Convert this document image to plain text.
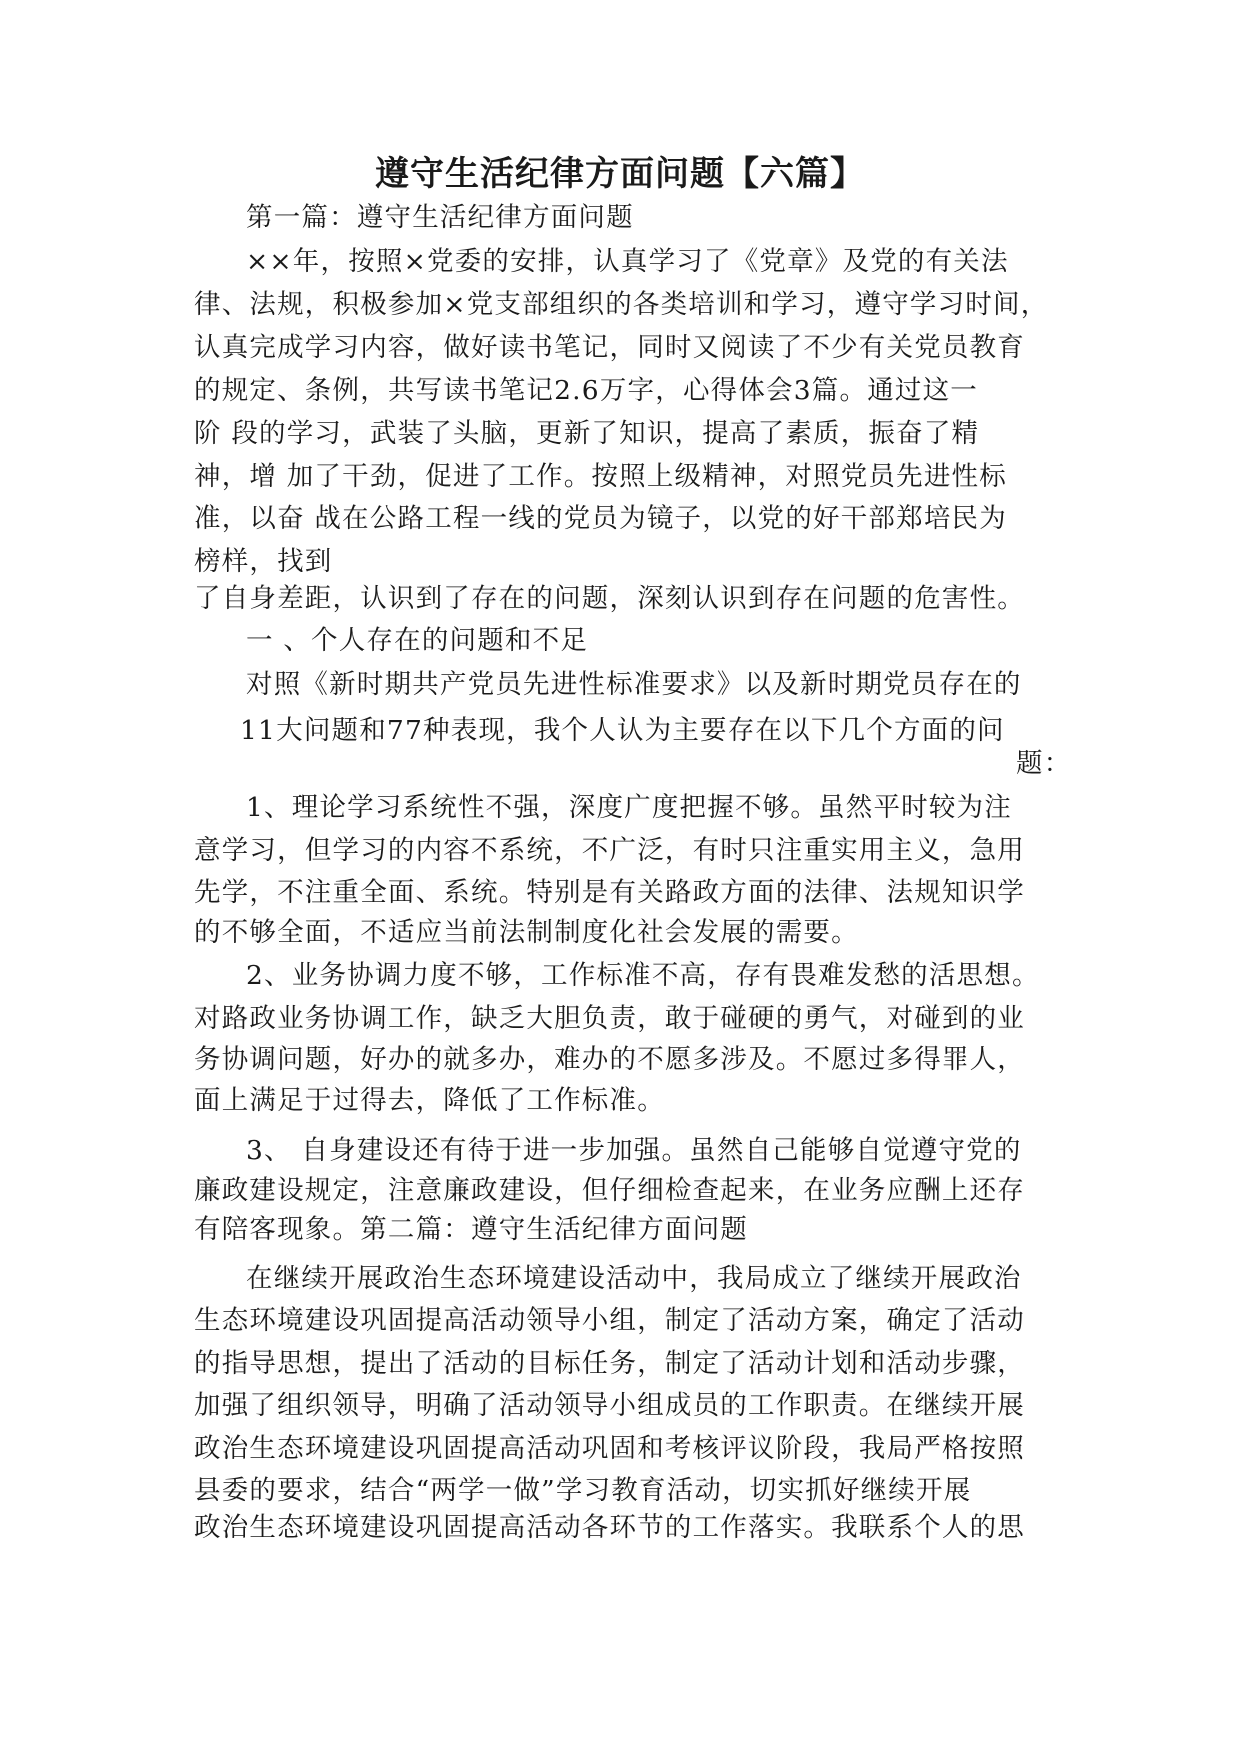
遵守生活纪律方面问题【六篇】
第一篇：遵守生活纪律方面问题
××年，按照×党委的安排，认真学习了《党章》及党的有关法
律、法规，积极参加×党支部组织的各类培训和学习，遵守学习时间，
认真完成学习内容，做好读书笔记，同时又阅读了不少有关党员教育
的规定、条例，共写读书笔记2.6万字，心得体会3篇。通过这一
阶 段的学习，武装了头脑，更新了知识，提高了素质，振奋了精
神，增 加了干劲，促进了工作。按照上级精神，对照党员先进性标
准，以奋 战在公路工程一线的党员为镜子，以党的好干部郑培民为
榜样，找到
了自身差距，认识到了存在的问题，深刻认识到存在问题的危害性。
一 、个人存在的问题和不足
对照《新时期共产党员先进性标准要求》以及新时期党员存在的
11大问题和77种表现，我个人认为主要存在以下几个方面的问
题：
1、理论学习系统性不强，深度广度把握不够。虽然平时较为注
意学习，但学习的内容不系统，不广泛，有时只注重实用主义，急用
先学，不注重全面、系统。特别是有关路政方面的法律、法规知识学
的不够全面，不适应当前法制制度化社会发展的需要。
2、业务协调力度不够，工作标准不高，存有畏难发愁的活思想。
对路政业务协调工作，缺乏大胆负责，敢于碰硬的勇气，对碰到的业
务协调问题，好办的就多办，难办的不愿多涉及。不愿过多得罪人，
面上满足于过得去，降低了工作标准。
3、 自身建设还有待于进一步加强。虽然自己能够自觉遵守党的
廉政建设规定，注意廉政建设，但仔细检查起来，在业务应酬上还存
有陪客现象。第二篇：遵守生活纪律方面问题
在继续开展政治生态环境建设活动中，我局成立了继续开展政治
生态环境建设巩固提高活动领导小组，制定了活动方案，确定了活动
的指导思想，提出了活动的目标任务，制定了活动计划和活动步骤，
加强了组织领导，明确了活动领导小组成员的工作职责。在继续开展
政治生态环境建设巩固提高活动巩固和考核评议阶段，我局严格按照
县委的要求，结合“两学一做”学习教育活动，切实抓好继续开展
政治生态环境建设巩固提高活动各环节的工作落实。我联系个人的思
